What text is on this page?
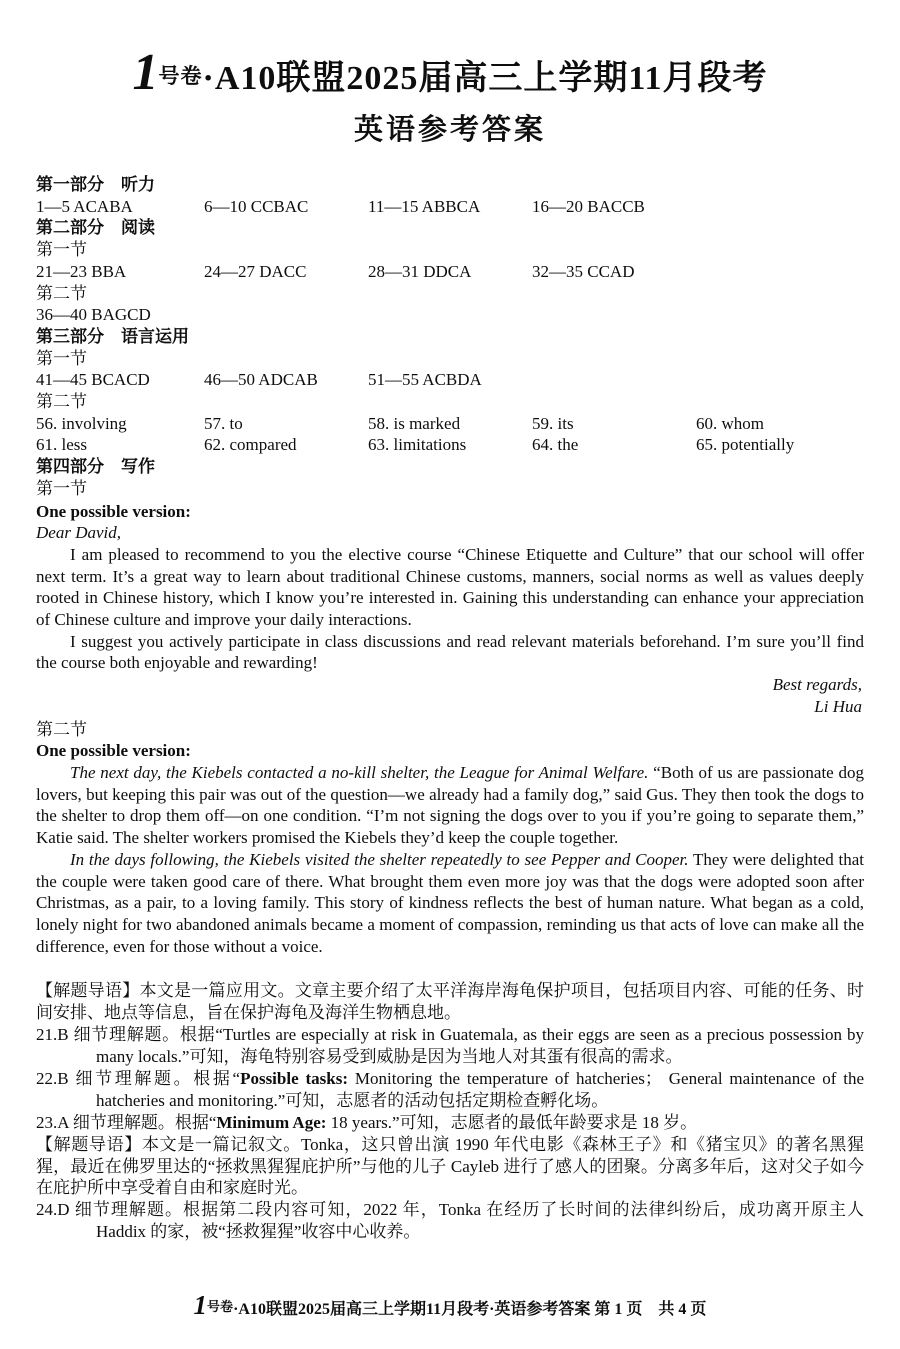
1号卷·A10联盟2025届高三上学期11月段考
英语参考答案
第一部分　听力
1—5 ACABA	6—10 CCBAC	11—15 ABBCA	16—20 BACCB
第二部分　阅读
第一节
21—23 BBA	24—27 DACC	28—31 DDCA	32—35 CCAD
第二节
36—40 BAGCD
第三部分　语言运用
第一节
41—45 BCACD	46—50 ADCAB	51—55 ACBDA
第二节
56. involving	57. to	58. is marked	59. its	60. whom
61. less	62. compared	63. limitations	64. the	65. potentially
第四部分　写作
第一节
One possible version:
Dear David,

I am pleased to recommend to you the elective course “Chinese Etiquette and Culture” that our school will offer next term. It’s a great way to learn about traditional Chinese customs, manners, social norms as well as values deeply rooted in Chinese history, which I know you’re interested in. Gaining this understanding can enhance your appreciation of Chinese culture and improve your daily interactions.

I suggest you actively participate in class discussions and read relevant materials beforehand. I’m sure you’ll find the course both enjoyable and rewarding!

Best regards,
Li Hua
第二节
One possible version:

The next day, the Kiebels contacted a no-kill shelter, the League for Animal Welfare. “Both of us are passionate dog lovers, but keeping this pair was out of the question—we already had a family dog,” said Gus. They then took the dogs to the shelter to drop them off—on one condition. “I’m not signing the dogs over to you if you’re going to separate them,” Katie said. The shelter workers promised the Kiebels they’d keep the couple together.

In the days following, the Kiebels visited the shelter repeatedly to see Pepper and Cooper. They were delighted that the couple were taken good care of there. What brought them even more joy was that the dogs were adopted soon after Christmas, as a pair, to a loving family. This story of kindness reflects the best of human nature. What began as a cold, lonely night for two abandoned animals became a moment of compassion, reminding us that acts of love can make all the difference, even for those without a voice.

【解题导语】本文是一篇应用文。文章主要介绍了太平洋海岸海龟保护项目，包括项目内容、可能的任务、时间安排、地点等信息，旨在保护海龟及海洋生物栖息地。
21.B 细节理解题。根据“Turtles are especially at risk in Guatemala, as their eggs are seen as a precious possession by many locals.”可知，海龟特别容易受到威胁是因为当地人对其蛋有很高的需求。
22.B 细节理解题。根据“Possible tasks: Monitoring the temperature of hatcheries； General maintenance of the hatcheries and monitoring.”可知，志愿者的活动包括定期检查孵化场。
23.A 细节理解题。根据“Minimum Age: 18 years.”可知，志愿者的最低年龄要求是 18 岁。
【解题导语】本文是一篇记叙文。Tonka，这只曾出演 1990 年代电影《森林王子》和《猪宝贝》的著名黑猩猩，最近在佛罗里达的“拯救黑猩猩庇护所”与他的儿子 Cayleb 进行了感人的团聚。分离多年后，这对父子如今在庇护所中享受着自由和家庭时光。
24.D 细节理解题。根据第二段内容可知，2022 年，Tonka 在经历了长时间的法律纠纷后，成功离开原主人 Haddix 的家，被“拯救猩猩”收容中心收养。
1号卷·A10联盟2025届高三上学期11月段考·英语参考答案 第 1 页　共 4 页
